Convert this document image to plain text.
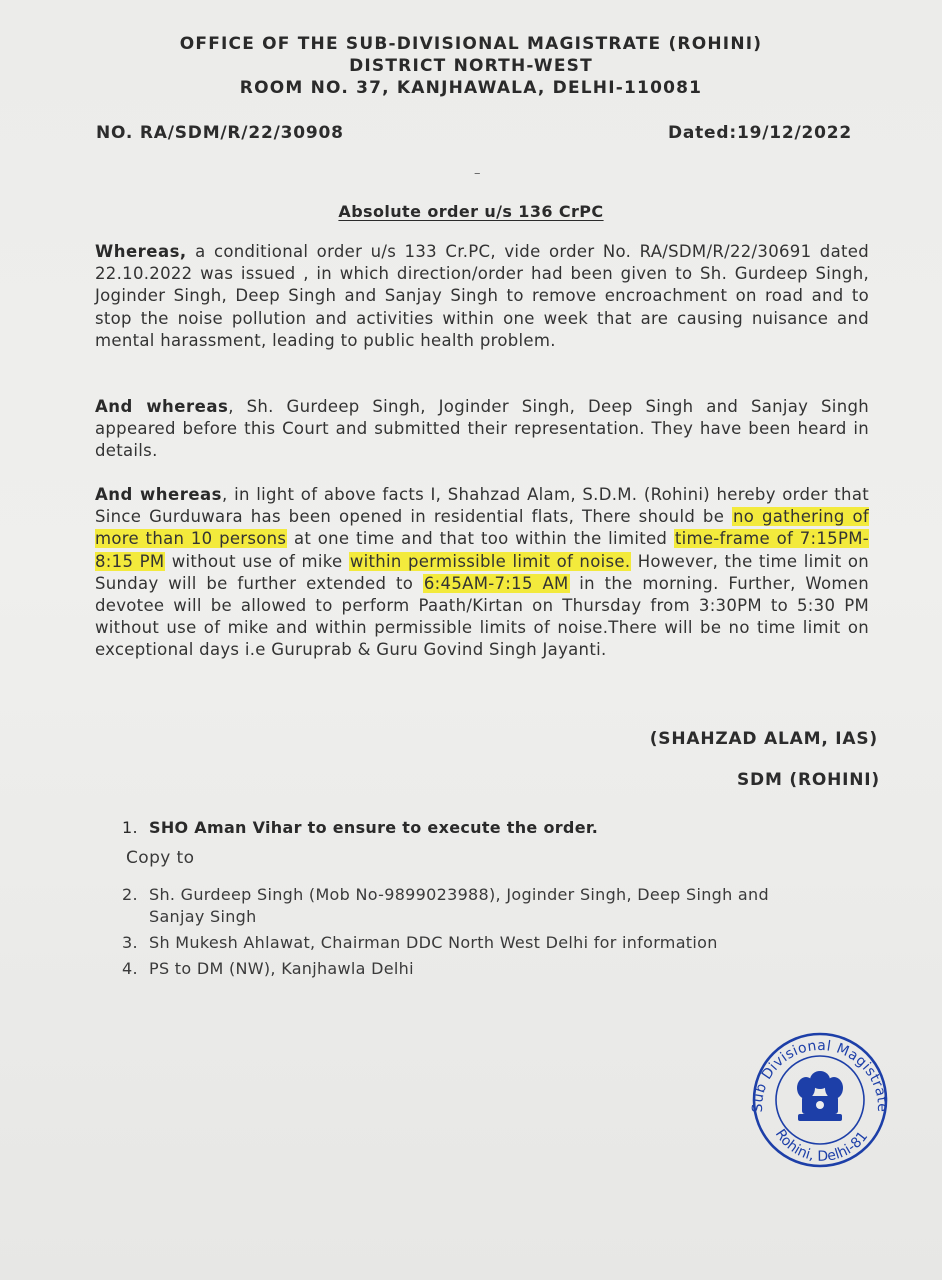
OFFICE OF THE SUB-DIVISIONAL MAGISTRATE (ROHINI)
DISTRICT NORTH-WEST
ROOM NO. 37, KANJHAWALA, DELHI-110081
NO. RA/SDM/R/22/30908	Dated:19/12/2022
–
Absolute order u/s 136 CrPC
Whereas, a conditional order u/s 133 Cr.PC, vide order No. RA/SDM/R/22/30691 dated 22.10.2022 was issued , in which direction/order had been given to Sh. Gurdeep Singh, Joginder Singh, Deep Singh and Sanjay Singh to remove encroachment on road and to stop the noise pollution and activities within one week that are causing nuisance and mental harassment, leading to public health problem.
And whereas, Sh. Gurdeep Singh, Joginder Singh, Deep Singh and Sanjay Singh appeared before this Court and submitted their representation. They have been heard in details.
And whereas, in light of above facts I, Shahzad Alam, S.D.M. (Rohini) hereby order that Since Gurduwara has been opened in residential flats, There should be no gathering of more than 10 persons at one time and that too within the limited time-frame of 7:15PM-8:15 PM without use of mike within permissible limit of noise. However, the time limit on Sunday will be further extended to 6:45AM-7:15 AM in the morning. Further, Women devotee will be allowed to perform Paath/Kirtan on Thursday from 3:30PM to 5:30 PM without use of mike and within permissible limits of noise.There will be no time limit on exceptional days i.e Guruprab & Guru Govind Singh Jayanti.
(SHAHZAD ALAM, IAS)
SDM (ROHINI)
1. SHO Aman Vihar to ensure to execute the order.
Copy to
2. Sh. Gurdeep Singh (Mob No-9899023988), Joginder Singh, Deep Singh and
Sanjay Singh
3. Sh Mukesh Ahlawat, Chairman DDC North West Delhi for information
4. PS to DM (NW), Kanjhawla Delhi
Sub Divisional Magistrate
Rohini, Delhi-81
